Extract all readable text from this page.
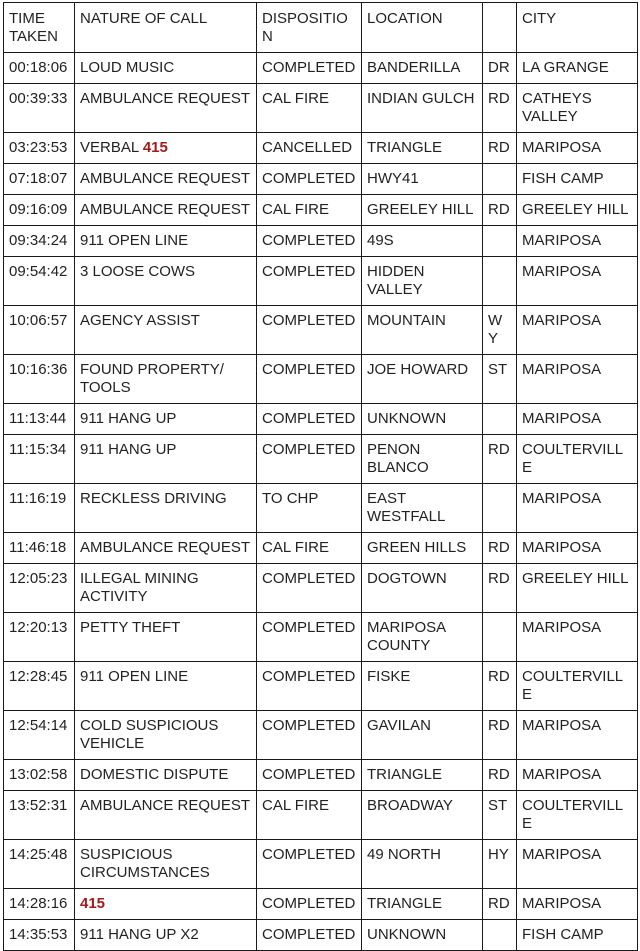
TIME TAKEN	NATURE OF CALL	DISPOSITION	LOCATION		CITY
00:18:06	LOUD MUSIC	COMPLETED	BANDERILLA	DR	LA GRANGE
00:39:33	AMBULANCE REQUEST	CAL FIRE	INDIAN GULCH	RD	CATHEYS VALLEY
03:23:53	VERBAL 415	CANCELLED	TRIANGLE	RD	MARIPOSA
07:18:07	AMBULANCE REQUEST	COMPLETED	HWY41		FISH CAMP
09:16:09	AMBULANCE REQUEST	CAL FIRE	GREELEY HILL	RD	GREELEY HILL
09:34:24	911 OPEN LINE	COMPLETED	49S		MARIPOSA
09:54:42	3 LOOSE COWS	COMPLETED	HIDDEN VALLEY		MARIPOSA
10:06:57	AGENCY ASSIST	COMPLETED	MOUNTAIN	WY	MARIPOSA
10:16:36	FOUND PROPERTY/ TOOLS	COMPLETED	JOE HOWARD	ST	MARIPOSA
11:13:44	911 HANG UP	COMPLETED	UNKNOWN		MARIPOSA
11:15:34	911 HANG UP	COMPLETED	PENON BLANCO	RD	COULTERVILLE
11:16:19	RECKLESS DRIVING	TO CHP	EAST WESTFALL		MARIPOSA
11:46:18	AMBULANCE REQUEST	CAL FIRE	GREEN HILLS	RD	MARIPOSA
12:05:23	ILLEGAL MINING ACTIVITY	COMPLETED	DOGTOWN	RD	GREELEY HILL
12:20:13	PETTY THEFT	COMPLETED	MARIPOSA COUNTY		MARIPOSA
12:28:45	911 OPEN LINE	COMPLETED	FISKE	RD	COULTERVILLE
12:54:14	COLD SUSPICIOUS VEHICLE	COMPLETED	GAVILAN	RD	MARIPOSA
13:02:58	DOMESTIC DISPUTE	COMPLETED	TRIANGLE	RD	MARIPOSA
13:52:31	AMBULANCE REQUEST	CAL FIRE	BROADWAY	ST	COULTERVILLE
14:25:48	SUSPICIOUS CIRCUMSTANCES	COMPLETED	49 NORTH	HY	MARIPOSA
14:28:16	415	COMPLETED	TRIANGLE	RD	MARIPOSA
14:35:53	911 HANG UP X2	COMPLETED	UNKNOWN		FISH CAMP
